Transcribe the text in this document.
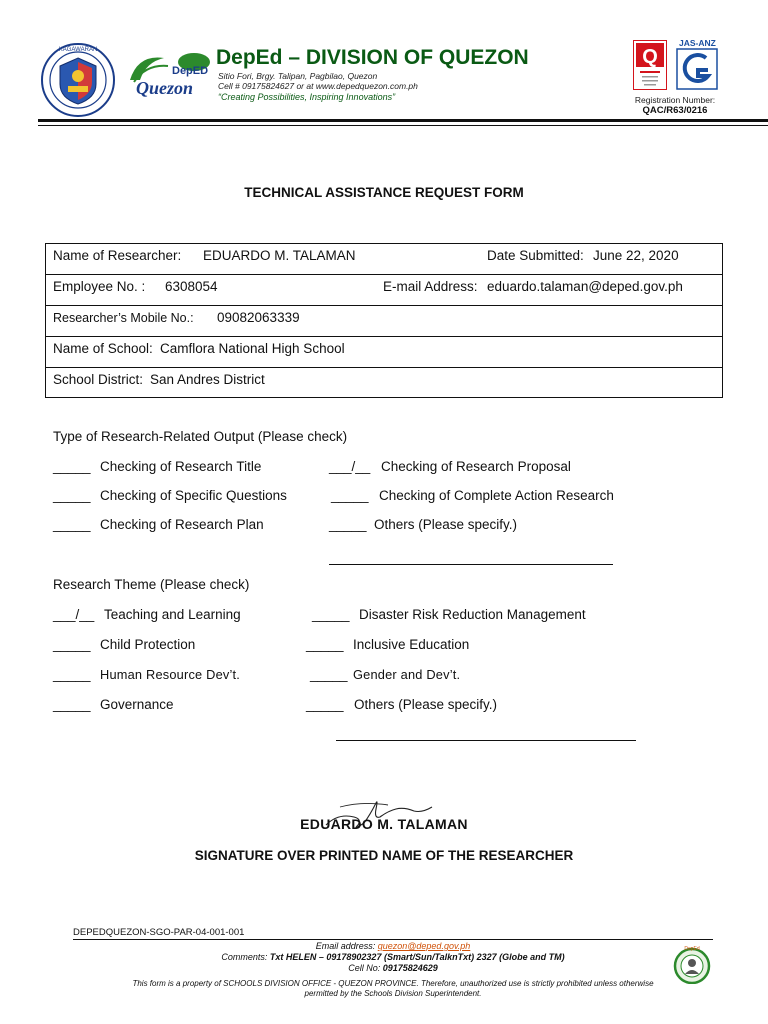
KAGAWARAN
DepED
Quezon
DepEd – DIVISION OF QUEZON
Sitio Fori, Brgy. Talipan, Pagbilao, Quezon
Cell # 09175824627 or at www.depedquezon.com.ph
“Creating Possibilities, Inspiring Innovations”
Q
JAS-ANZ
Registration Number:
QAC/R63/0216
TECHNICAL ASSISTANCE REQUEST FORM
Name of Researcher: EDUARDO M. TALAMAN	Date Submitted: June 22, 2020
Employee No. : 6308054	E-mail Address: eduardo.talaman@deped.gov.ph
Researcher’s Mobile No.: 09082063339
Name of School: Camflora National High School
School District: San Andres District
Type of Research-Related Output (Please check)
_____ Checking of Research Title	___/__ Checking of Research Proposal
_____ Checking of Specific Questions	_____ Checking of Complete Action Research
_____ Checking of Research Plan	_____ Others (Please specify.)
Research Theme (Please check)
___/__ Teaching and Learning	_____ Disaster Risk Reduction Management
_____ Child Protection	_____ Inclusive Education
_____ Human Resource Dev’t.	_____ Gender and Dev’t.
_____ Governance	_____ Others (Please specify.)
EDUARDO M. TALAMAN
SIGNATURE OVER PRINTED NAME OF THE RESEARCHER
DEPEDQUEZON-SGO-PAR-04-001-001
Email address: quezon@deped.gov.ph
Comments: Txt HELEN – 09178902327 (Smart/Sun/TalknTxt) 2327 (Globe and TM)
Cell No: 09175824629
This form is a property of SCHOOLS DIVISION OFFICE - QUEZON PROVINCE. Therefore, unauthorized use is strictly prohibited unless otherwise
permitted by the Schools Division Superintendent.
DepEd
